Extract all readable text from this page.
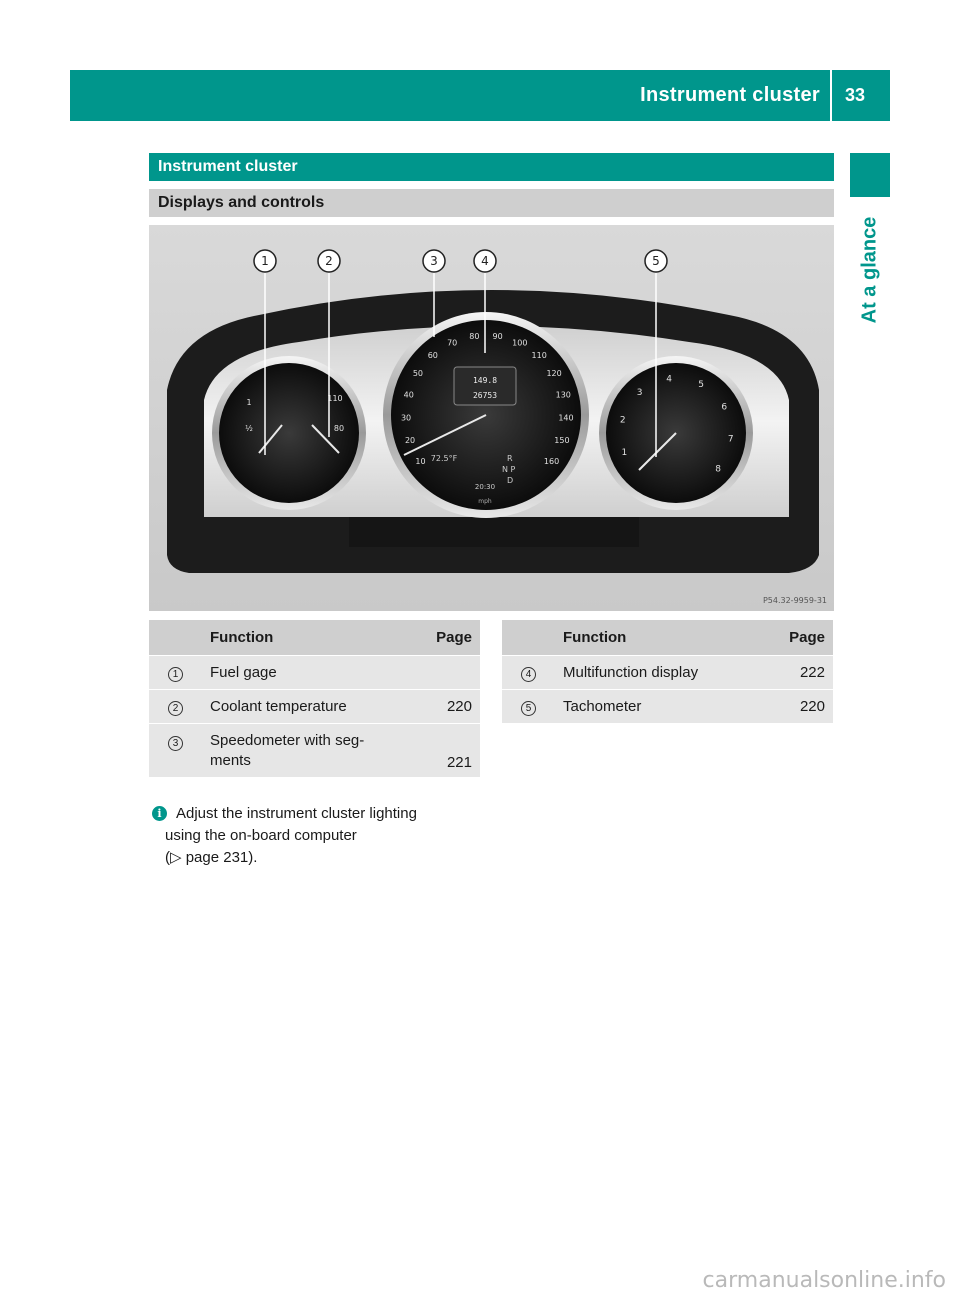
Instrument cluster 33
At a glance
Instrument cluster
Displays and controls
149.8
26753
72.5°F	R
N P
D
20:30
mph
10
20
30
40
50
60
70
80 90
100
110
120
130
140
150
160
1
2
3
4
5
6
7
8
1
½
110
80
1	2	3	4	5
P54.32-9959-31
	Function	Page

1	Fuel gage	

2	Coolant temperature	220

3	Speedometer with seg-
ments	221
	Function	Page

4	Multifunction display	222

5	Tachometer	220
i Adjust the instrument cluster lighting
using the on-board computer
(▷ page 231).
carmanualsonline.info
